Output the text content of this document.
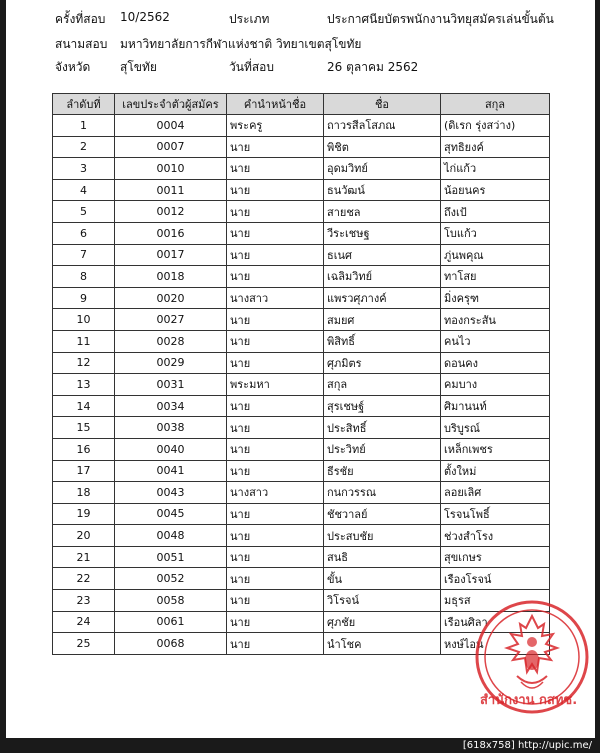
ครั้งที่สอบ 10/2562	ประเภท	ประกาศนียบัตรพนักงานวิทยุสมัครเล่นขั้นต้น
สนามสอบ มหาวิทยาลัยการกีฬาแห่งชาติ วิทยาเขตสุโขทัย
จังหวัด สุโขทัย	วันที่สอบ	26 ตุลาคม 2562
ลำดับที่	เลขประจำตัวผู้สมัคร	คำนำหน้าชื่อ	ชื่อ	สกุล
1	0004	พระครู	ถาวรสีลโสภณ	(ดิเรก รุ่งสว่าง)
2	0007	นาย	พิชิต	สุทธิยงค์
3	0010	นาย	อุดมวิทย์	ไก่แก้ว
4	0011	นาย	ธนวัฒน์	น้อยนคร
5	0012	นาย	สายชล	ถึงเป้
6	0016	นาย	วีระเชษฐ	โบแก้ว
7	0017	นาย	ธเนศ	ภู่นพคุณ
8	0018	นาย	เฉลิมวิทย์	ทาโสย
9	0020	นางสาว	แพรวศุภางค์	มิ่งครุฑ
10	0027	นาย	สมยศ	ทองกระสัน
11	0028	นาย	พิสิทธิ์	คนไว
12	0029	นาย	ศุภมิตร	ดอนคง
13	0031	พระมหา	สกุล	คมบาง
14	0034	นาย	สุรเชษฐ์	ศิมานนท์
15	0038	นาย	ประสิทธิ์	บริบูรณ์
16	0040	นาย	ประวิทย์	เหล็กเพชร
17	0041	นาย	ธีรชัย	ตั้งใหม่
18	0043	นางสาว	กนกวรรณ	ลอยเลิศ
19	0045	นาย	ชัชวาลย์	โรจนโพธิ์
20	0048	นาย	ประสบชัย	ช่วงสำโรง
21	0051	นาย	สนธิ	สุขเกษร
22	0052	นาย	ขั้น	เรืองโรจน์
23	0058	นาย	วิโรจน์	มธุรส
24	0061	นาย	ศุภชัย	เรือนศิลา
25	0068	นาย	นำโชค	หงษ์ไอน
สำนักงาน กสทช.
[618x758] http://upic.me/
